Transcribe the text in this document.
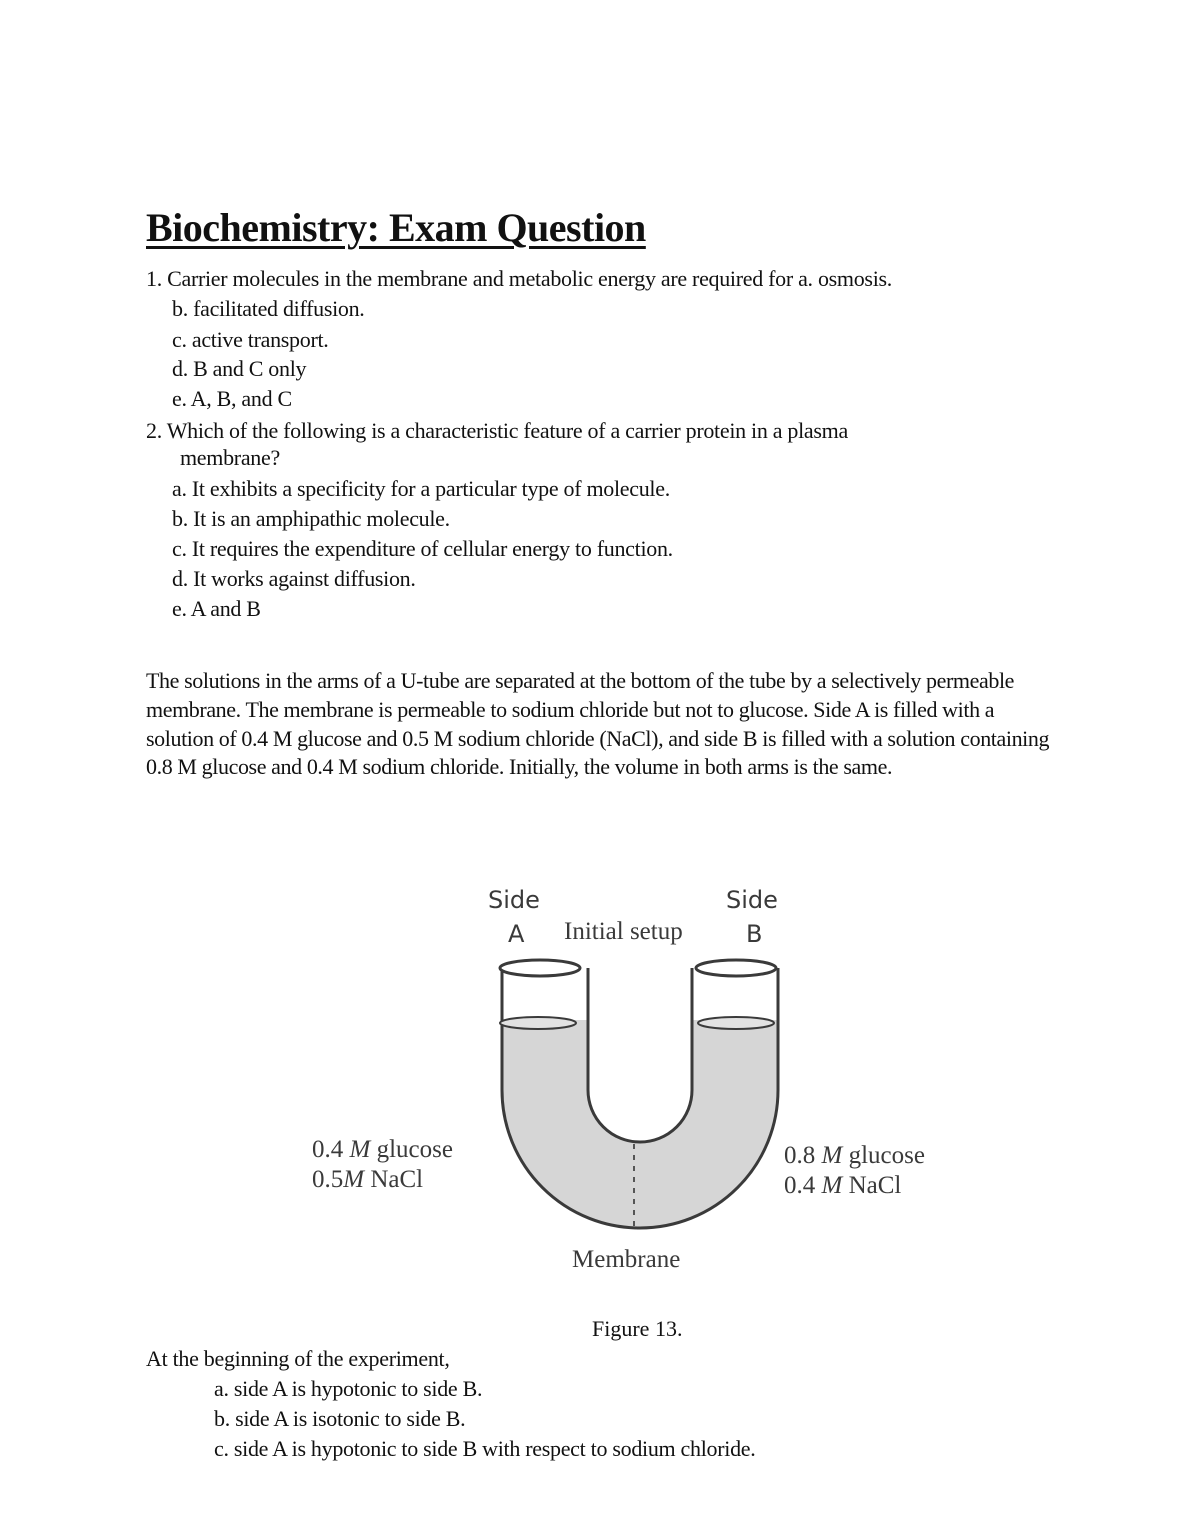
Biochemistry: Exam Question
1. Carrier molecules in the membrane and metabolic energy are required for a. osmosis.
b. facilitated diffusion.
c. active transport.
d. B and C only
e. A, B, and C
2. Which of the following is a characteristic feature of a carrier protein in a plasma
membrane?
a. It exhibits a specificity for a particular type of molecule.
b. It is an amphipathic molecule.
c. It requires the expenditure of cellular energy to function.
d. It works against diffusion.
e. A and B
The solutions in the arms of a U-tube are separated at the bottom of the tube by a selectively permeable membrane. The membrane is permeable to sodium chloride but not to glucose. Side A is filled with a solution of 0.4 M glucose and 0.5 M sodium chloride (NaCl), and side B is filled with a solution containing 0.8 M glucose and 0.4 M sodium chloride. Initially, the volume in both arms is the same.
Side
A
Side
B
Initial setup
0.4 M glucose
0.5M NaCl
0.8 M glucose
0.4 M NaCl
Membrane
Figure 13.
At the beginning of the experiment,
a. side A is hypotonic to side B.
b. side A is isotonic to side B.
c. side A is hypotonic to side B with respect to sodium chloride.
